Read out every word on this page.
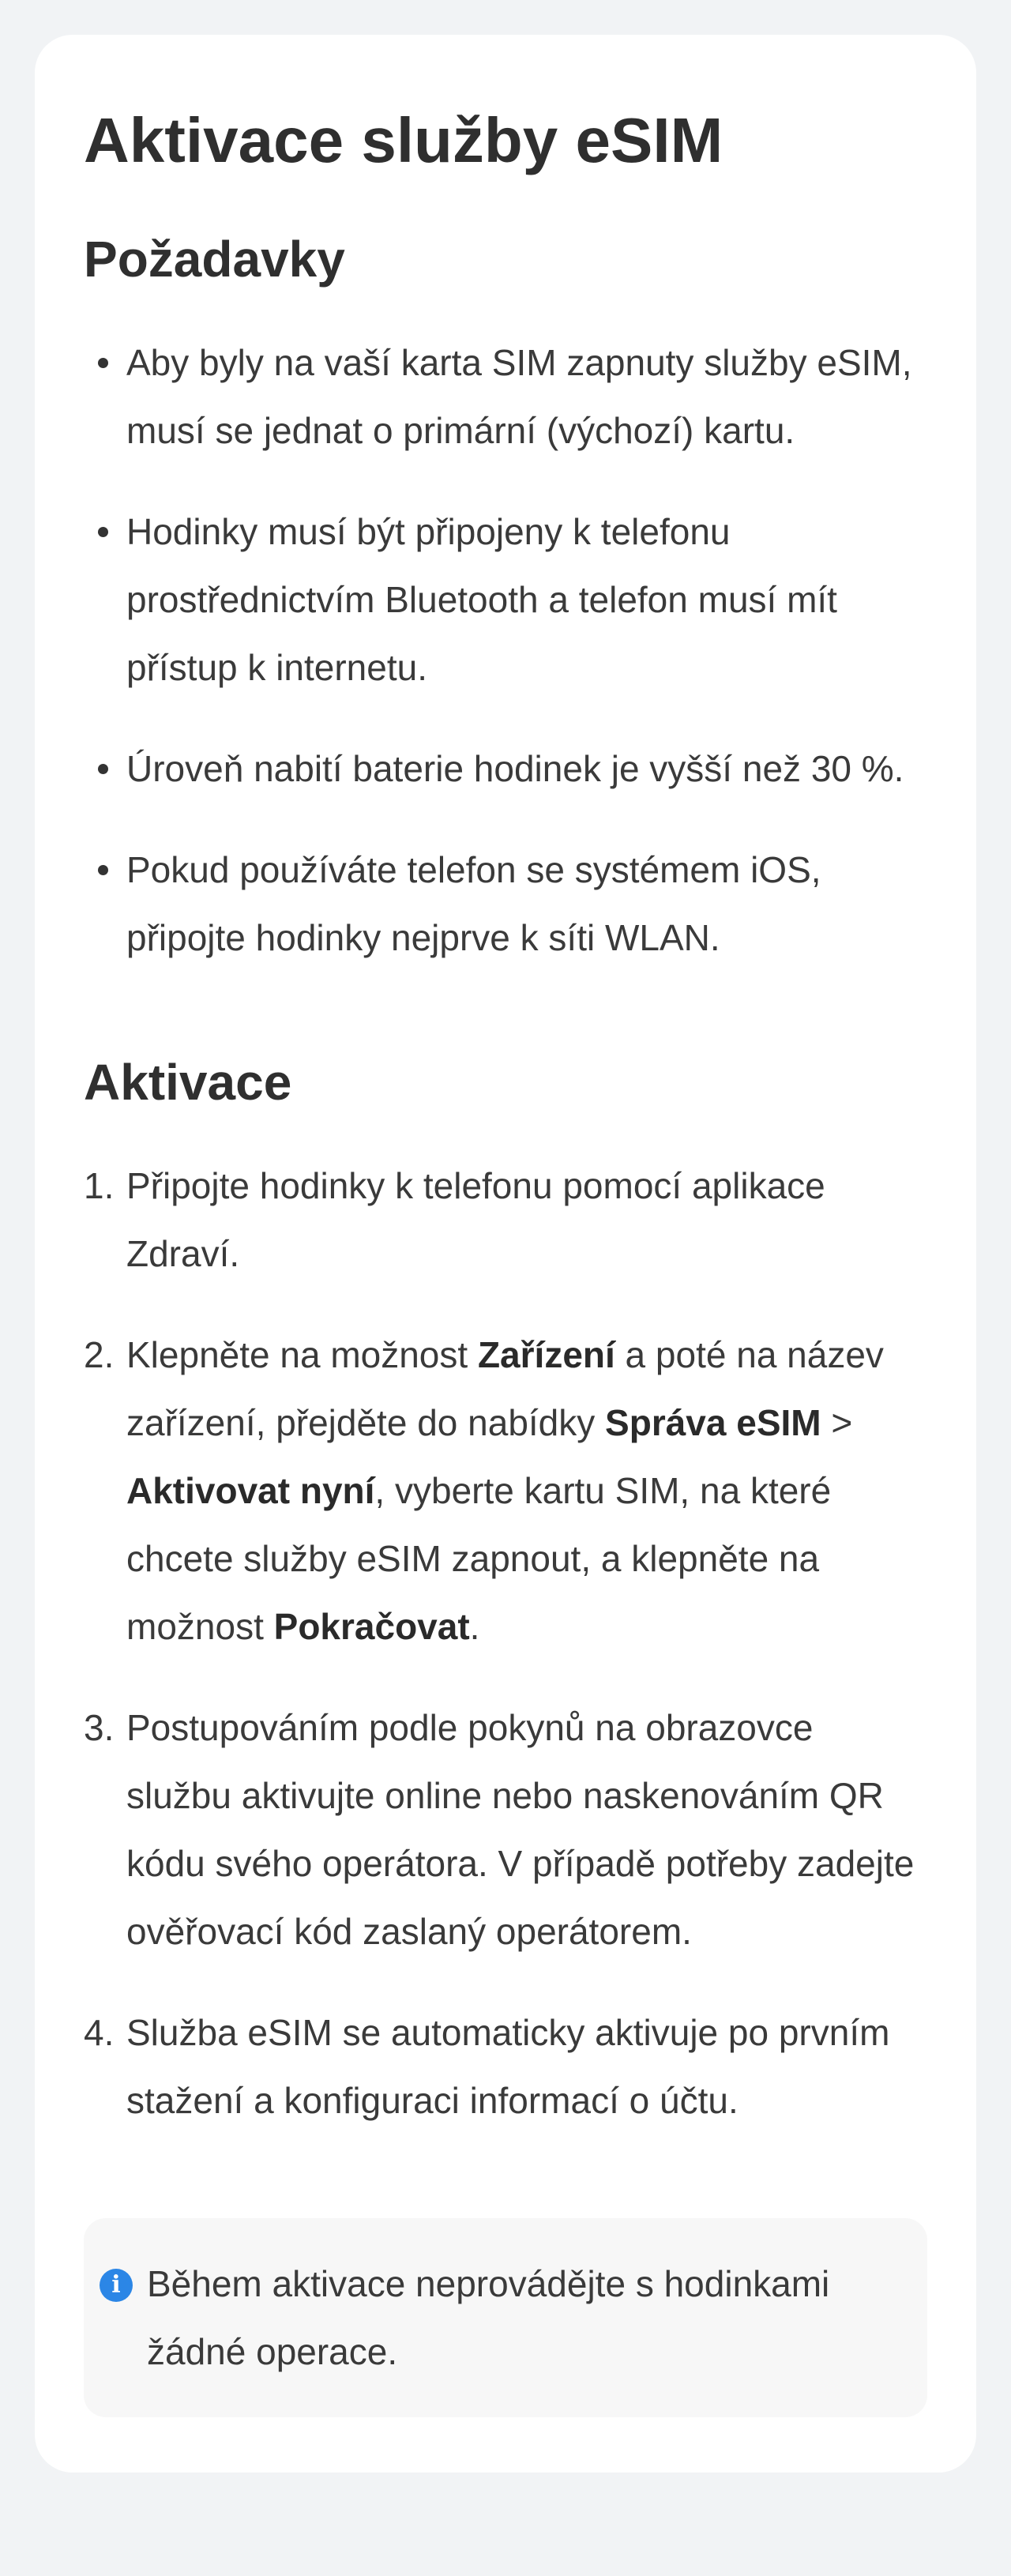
Aktivace služby eSIM
Požadavky
Aby byly na vaší karta SIM zapnuty služby eSIM, musí se jednat o primární (výchozí) kartu.
Hodinky musí být připojeny k telefonu prostřednictvím Bluetooth a telefon musí mít přístup k internetu.
Úroveň nabití baterie hodinek je vyšší než 30 %.
Pokud používáte telefon se systémem iOS, připojte hodinky nejprve k síti WLAN.
Aktivace
1. Připojte hodinky k telefonu pomocí aplikace Zdraví.
2. Klepněte na možnost Zařízení a poté na název zařízení, přejděte do nabídky Správa eSIM > Aktivovat nyní, vyberte kartu SIM, na které chcete služby eSIM zapnout, a klepněte na možnost Pokračovat.
3. Postupováním podle pokynů na obrazovce službu aktivujte online nebo naskenováním QR kódu svého operátora. V případě potřeby zadejte ověřovací kód zaslaný operátorem.
4. Služba eSIM se automaticky aktivuje po prvním stažení a konfiguraci informací o účtu.
i Během aktivace neprovádějte s hodinkami žádné operace.
